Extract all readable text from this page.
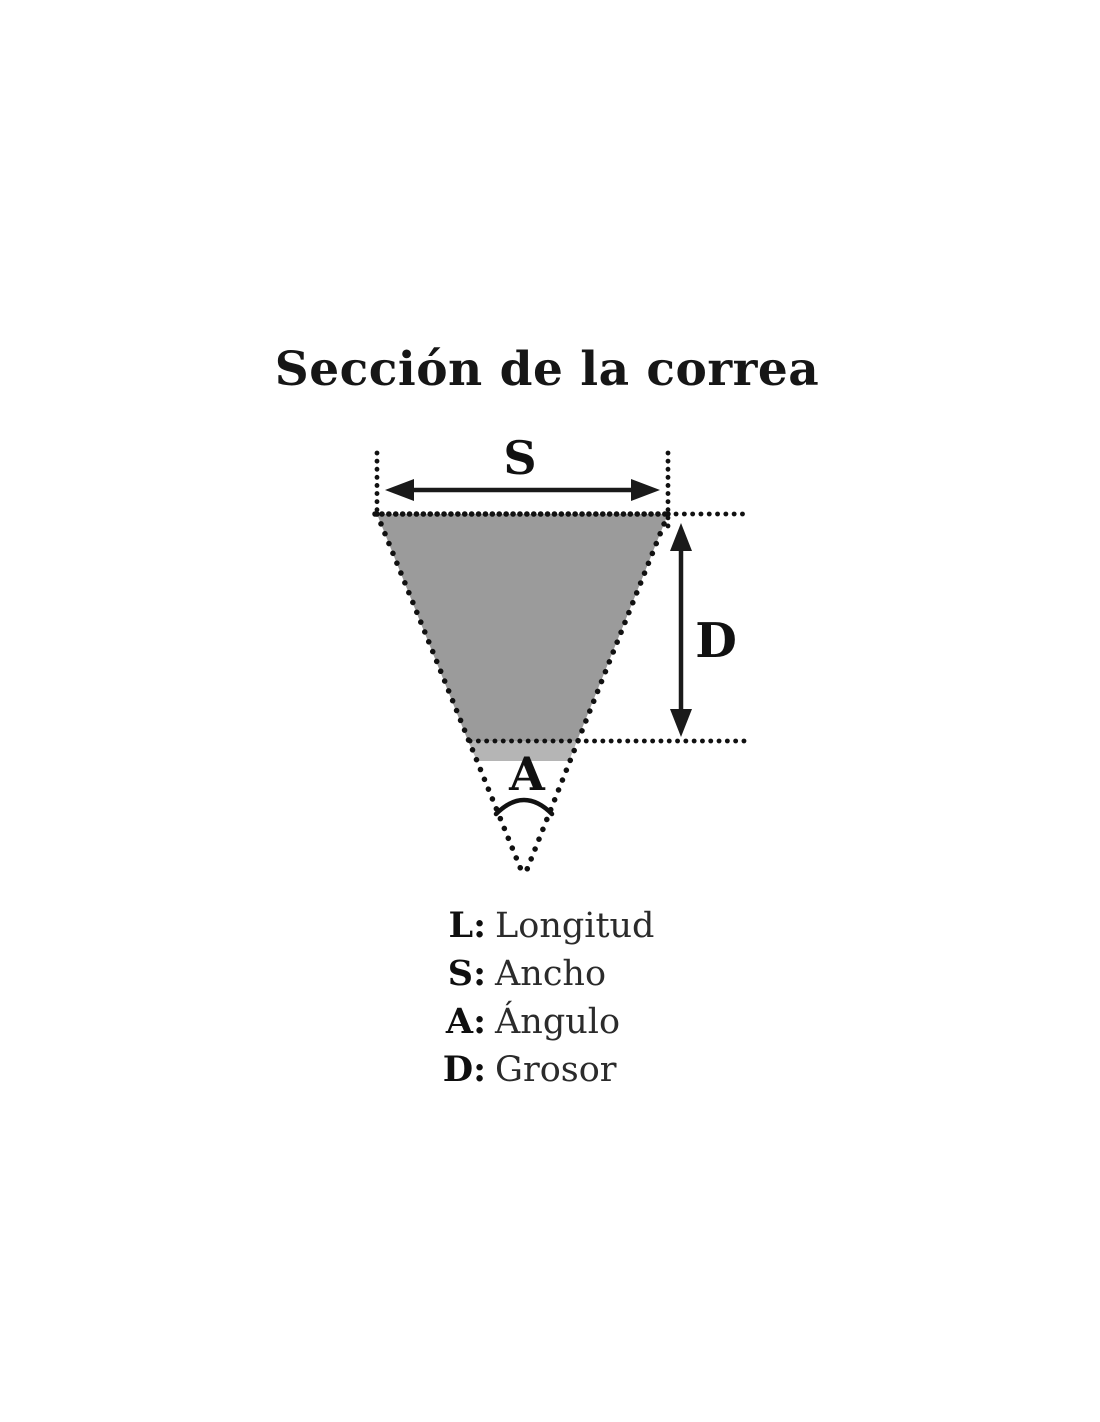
Sección de la correa
S
D
A
L: Longitud
S: Ancho
A: Ángulo
D: Grosor
